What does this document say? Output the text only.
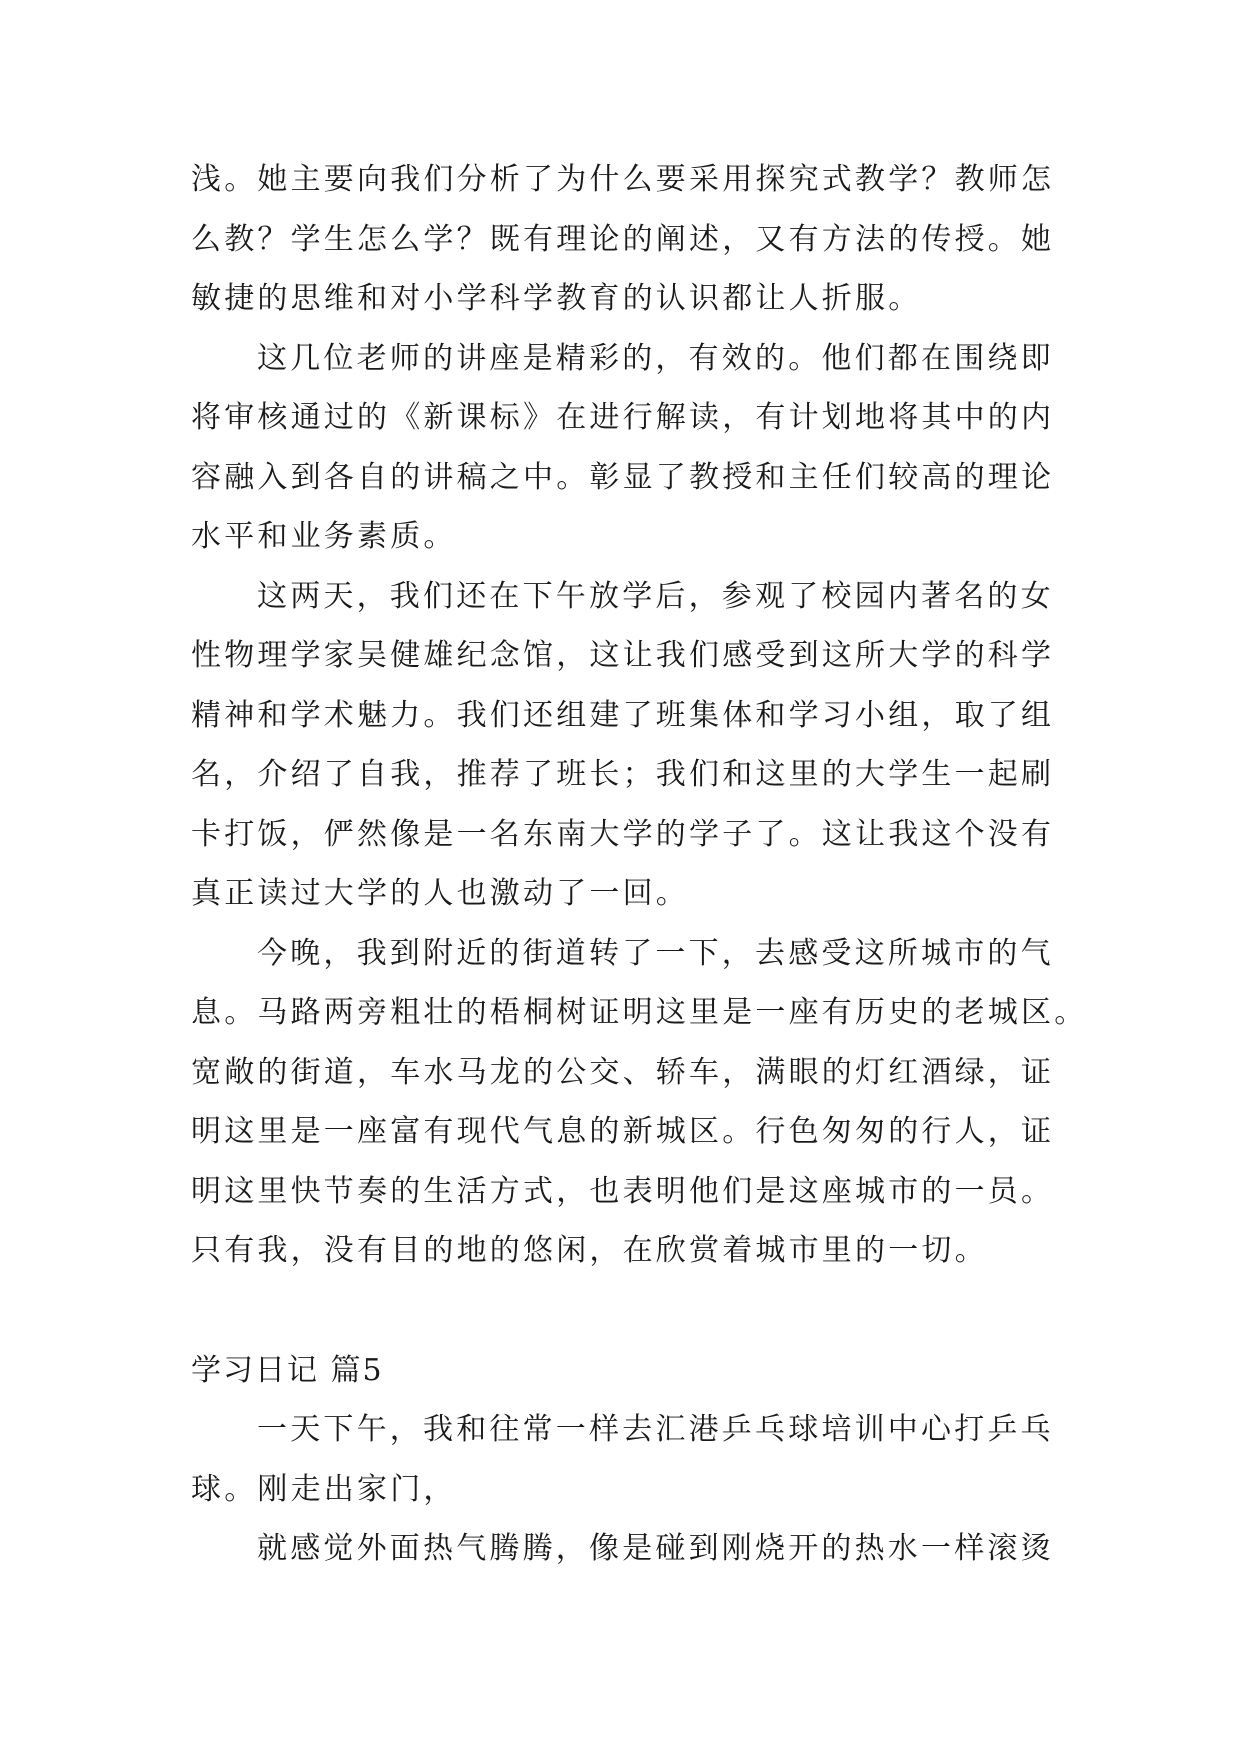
浅。她主要向我们分析了为什么要采用探究式教学？教师怎
么教？学生怎么学？既有理论的阐述，又有方法的传授。她
敏捷的思维和对小学科学教育的认识都让人折服。
这几位老师的讲座是精彩的，有效的。他们都在围绕即
将审核通过的《新课标》在进行解读，有计划地将其中的内
容融入到各自的讲稿之中。彰显了教授和主任们较高的理论
水平和业务素质。
这两天，我们还在下午放学后，参观了校园内著名的女
性物理学家吴健雄纪念馆，这让我们感受到这所大学的科学
精神和学术魅力。我们还组建了班集体和学习小组，取了组
名，介绍了自我，推荐了班长；我们和这里的大学生一起刷
卡打饭，俨然像是一名东南大学的学子了。这让我这个没有
真正读过大学的人也激动了一回。
今晚，我到附近的街道转了一下，去感受这所城市的气
息。马路两旁粗壮的梧桐树证明这里是一座有历史的老城区。
宽敞的街道，车水马龙的公交、轿车，满眼的灯红酒绿，证
明这里是一座富有现代气息的新城区。行色匆匆的行人，证
明这里快节奏的生活方式，也表明他们是这座城市的一员。
只有我，没有目的地的悠闲，在欣赏着城市里的一切。
学习日记 篇5
一天下午，我和往常一样去汇港乒乓球培训中心打乒乓
球。刚走出家门，
就感觉外面热气腾腾，像是碰到刚烧开的热水一样滚烫
